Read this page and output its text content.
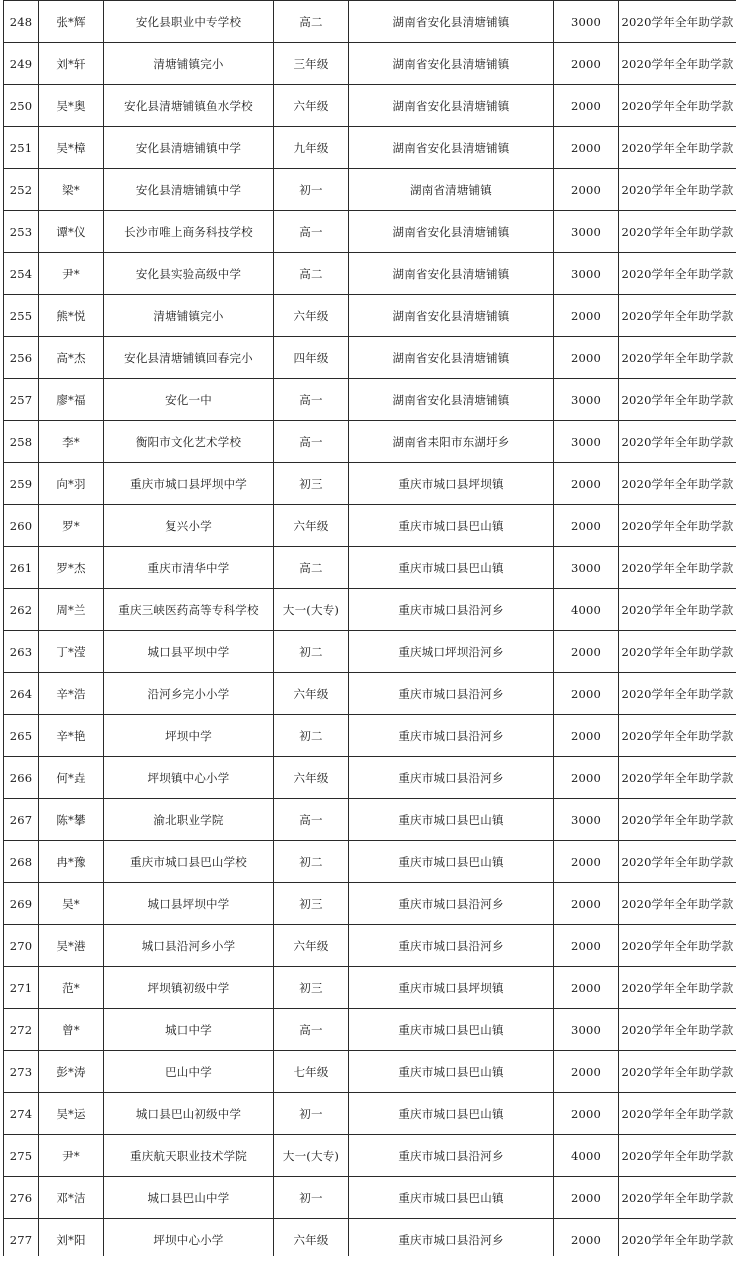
248	张*辉	安化县职业中专学校	高二	湖南省安化县清塘铺镇	3000	2020学年全年助学款
249	刘*轩	清塘铺镇完小	三年级	湖南省安化县清塘铺镇	2000	2020学年全年助学款
250	吴*奥	安化县清塘铺镇鱼水学校	六年级	湖南省安化县清塘铺镇	2000	2020学年全年助学款
251	吴*樟	安化县清塘铺镇中学	九年级	湖南省安化县清塘铺镇	2000	2020学年全年助学款
252	梁*	安化县清塘铺镇中学	初一	湖南省清塘铺镇	2000	2020学年全年助学款
253	谭*仪	长沙市唯上商务科技学校	高一	湖南省安化县清塘铺镇	3000	2020学年全年助学款
254	尹*	安化县实验高级中学	高二	湖南省安化县清塘铺镇	3000	2020学年全年助学款
255	熊*悦	清塘铺镇完小	六年级	湖南省安化县清塘铺镇	2000	2020学年全年助学款
256	高*杰	安化县清塘铺镇回春完小	四年级	湖南省安化县清塘铺镇	2000	2020学年全年助学款
257	廖*福	安化一中	高一	湖南省安化县清塘铺镇	3000	2020学年全年助学款
258	李*	衡阳市文化艺术学校	高一	湖南省耒阳市东湖圩乡	3000	2020学年全年助学款
259	向*羽	重庆市城口县坪坝中学	初三	重庆市城口县坪坝镇	2000	2020学年全年助学款
260	罗*	复兴小学	六年级	重庆市城口县巴山镇	2000	2020学年全年助学款
261	罗*杰	重庆市清华中学	高二	重庆市城口县巴山镇	3000	2020学年全年助学款
262	周*兰	重庆三峡医药高等专科学校	大一(大专)	重庆市城口县沿河乡	4000	2020学年全年助学款
263	丁*滢	城口县平坝中学	初二	重庆城口坪坝沿河乡	2000	2020学年全年助学款
264	辛*浩	沿河乡完小小学	六年级	重庆市城口县沿河乡	2000	2020学年全年助学款
265	辛*艳	坪坝中学	初二	重庆市城口县沿河乡	2000	2020学年全年助学款
266	何*垚	坪坝镇中心小学	六年级	重庆市城口县沿河乡	2000	2020学年全年助学款
267	陈*攀	渝北职业学院	高一	重庆市城口县巴山镇	3000	2020学年全年助学款
268	冉*豫	重庆市城口县巴山学校	初二	重庆市城口县巴山镇	2000	2020学年全年助学款
269	吴*	城口县坪坝中学	初三	重庆市城口县沿河乡	2000	2020学年全年助学款
270	吴*港	城口县沿河乡小学	六年级	重庆市城口县沿河乡	2000	2020学年全年助学款
271	范*	坪坝镇初级中学	初三	重庆市城口县坪坝镇	2000	2020学年全年助学款
272	曾*	城口中学	高一	重庆市城口县巴山镇	3000	2020学年全年助学款
273	彭*涛	巴山中学	七年级	重庆市城口县巴山镇	2000	2020学年全年助学款
274	吴*运	城口县巴山初级中学	初一	重庆市城口县巴山镇	2000	2020学年全年助学款
275	尹*	重庆航天职业技术学院	大一(大专)	重庆市城口县沿河乡	4000	2020学年全年助学款
276	邓*洁	城口县巴山中学	初一	重庆市城口县巴山镇	2000	2020学年全年助学款
277	刘*阳	坪坝中心小学	六年级	重庆市城口县沿河乡	2000	2020学年全年助学款
